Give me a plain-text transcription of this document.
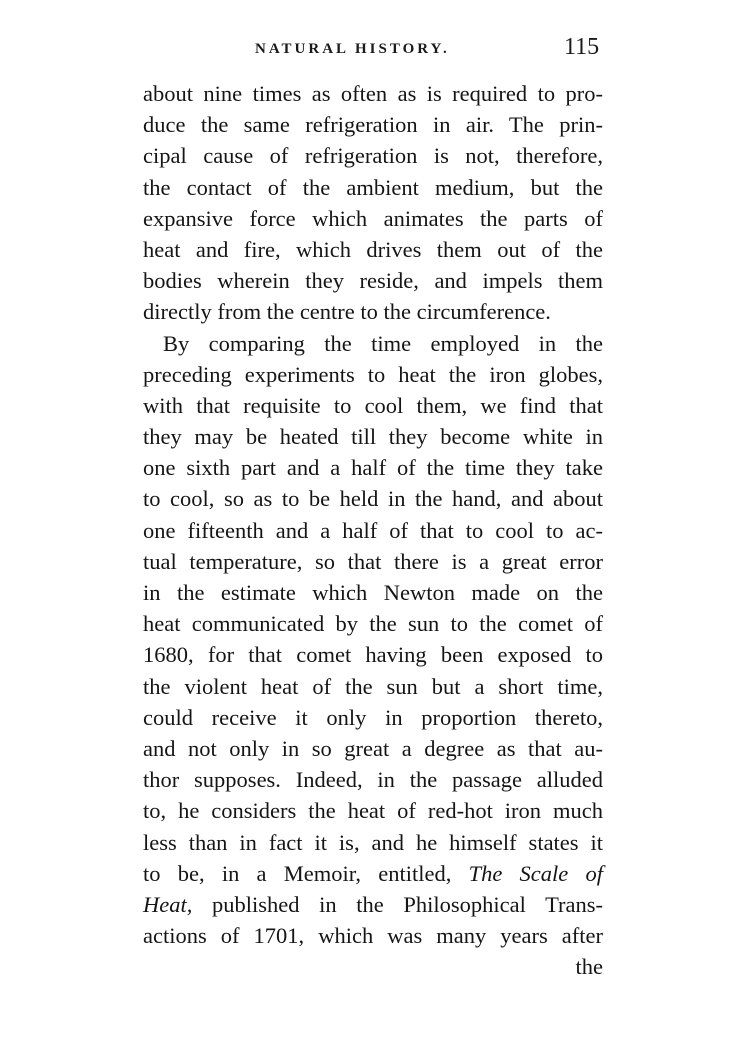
NATURAL HISTORY.	115
about nine times as often as is required to pro-
duce the same refrigeration in air. The prin-
cipal cause of refrigeration is not, therefore,
the contact of the ambient medium, but the
expansive force which animates the parts of
heat and fire, which drives them out of the
bodies wherein they reside, and impels them
directly from the centre to the circumference.
By comparing the time employed in the
preceding experiments to heat the iron globes,
with that requisite to cool them, we find that
they may be heated till they become white in
one sixth part and a half of the time they take
to cool, so as to be held in the hand, and about
one fifteenth and a half of that to cool to ac-
tual temperature, so that there is a great error
in the estimate which Newton made on the
heat communicated by the sun to the comet of
1680, for that comet having been exposed to
the violent heat of the sun but a short time,
could receive it only in proportion thereto,
and not only in so great a degree as that au-
thor supposes. Indeed, in the passage alluded
to, he considers the heat of red-hot iron much
less than in fact it is, and he himself states it
to be, in a Memoir, entitled, The Scale of
Heat, published in the Philosophical Trans-
actions of 1701, which was many years after
the
